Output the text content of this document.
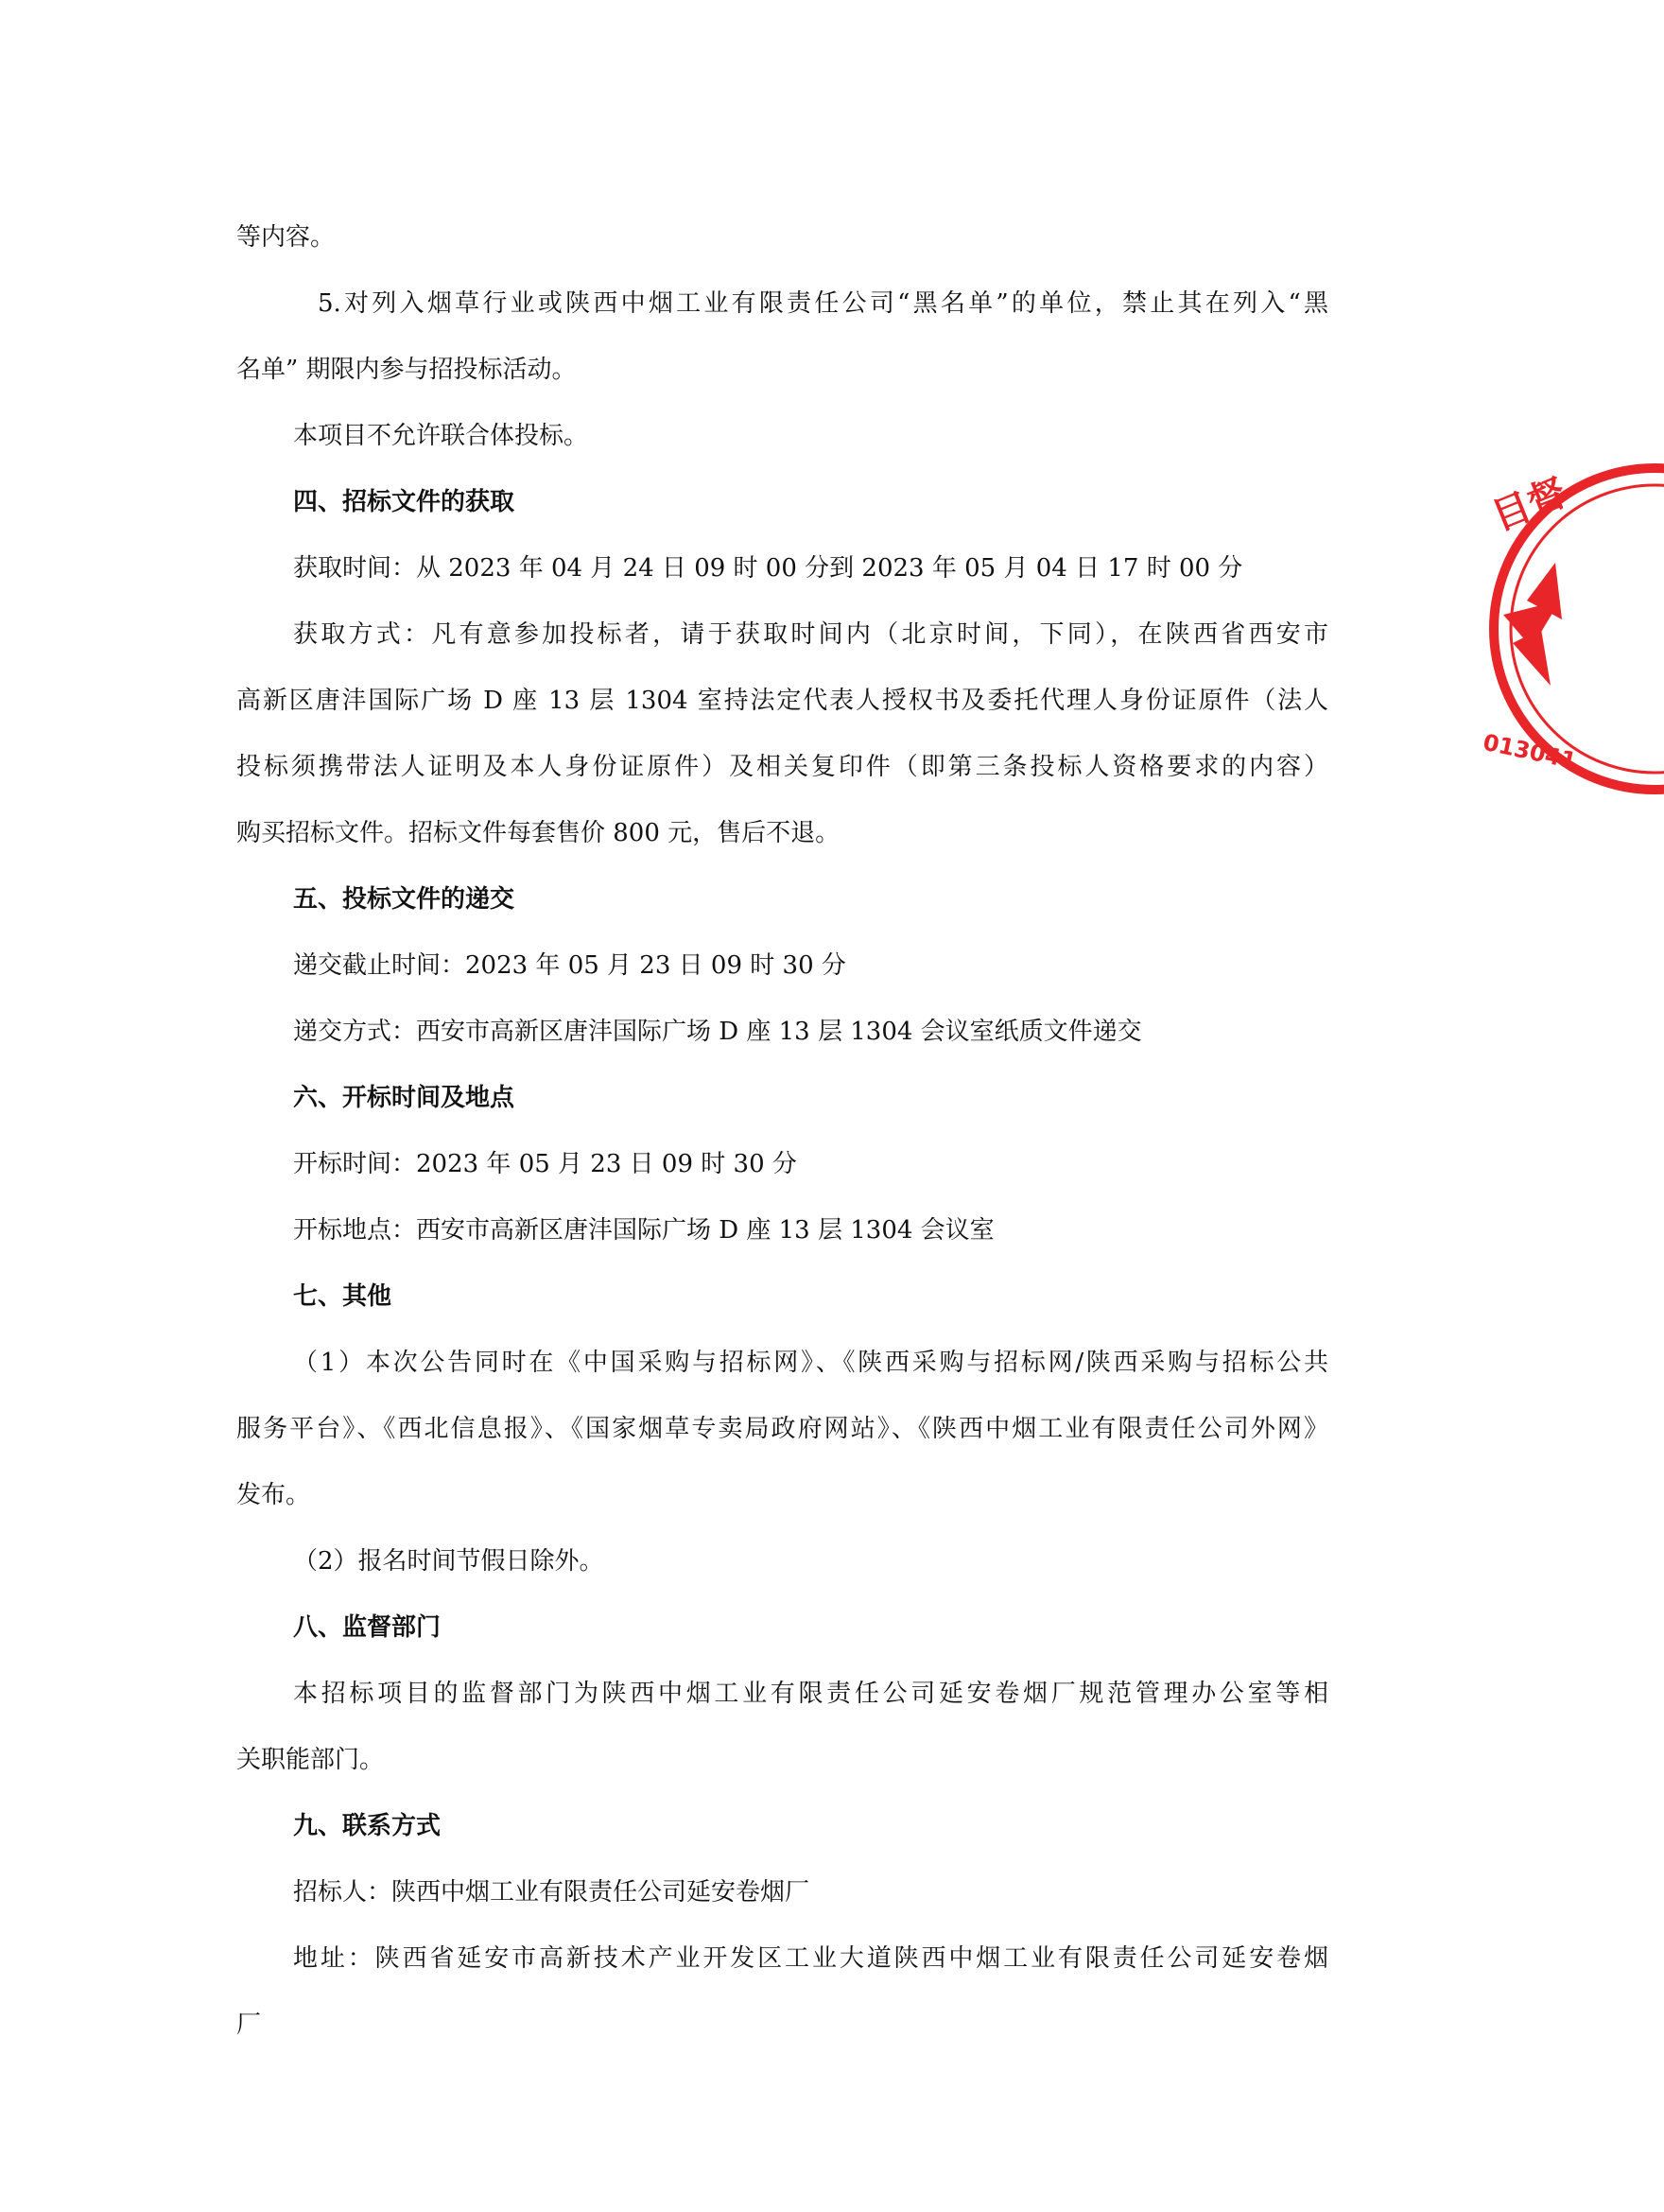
等内容。

5.对列入烟草行业或陕西中烟工业有限责任公司“黑名单”的单位，禁止其在列入“黑

名单” 期限内参与招投标活动。

本项目不允许联合体投标。

四、招标文件的获取

获取时间：从 2023 年 04 月 24 日 09 时 00 分到 2023 年 05 月 04 日 17 时 00 分

获取方式：凡有意参加投标者，请于获取时间内（北京时间，下同），在陕西省西安市

高新区唐沣国际广场 D 座 13 层 1304 室持法定代表人授权书及委托代理人身份证原件（法人

投标须携带法人证明及本人身份证原件）及相关复印件（即第三条投标人资格要求的内容）

购买招标文件。招标文件每套售价 800 元，售后不退。

五、投标文件的递交

递交截止时间：2023 年 05 月 23 日 09 时 30 分

递交方式：西安市高新区唐沣国际广场 D 座 13 层 1304 会议室纸质文件递交

六、开标时间及地点

开标时间：2023 年 05 月 23 日 09 时 30 分

开标地点：西安市高新区唐沣国际广场 D 座 13 层 1304 会议室

七、其他

（1）本次公告同时在《中国采购与招标网》、《陕西采购与招标网/陕西采购与招标公共

服务平台》、《西北信息报》、《国家烟草专卖局政府网站》、《陕西中烟工业有限责任公司外网》

发布。

（2）报名时间节假日除外。

八、监督部门

本招标项目的监督部门为陕西中烟工业有限责任公司延安卷烟厂规范管理办公室等相

关职能部门。

九、联系方式

招标人：陕西中烟工业有限责任公司延安卷烟厂

地址：陕西省延安市高新技术产业开发区工业大道陕西中烟工业有限责任公司延安卷烟

厂

目督
013041
